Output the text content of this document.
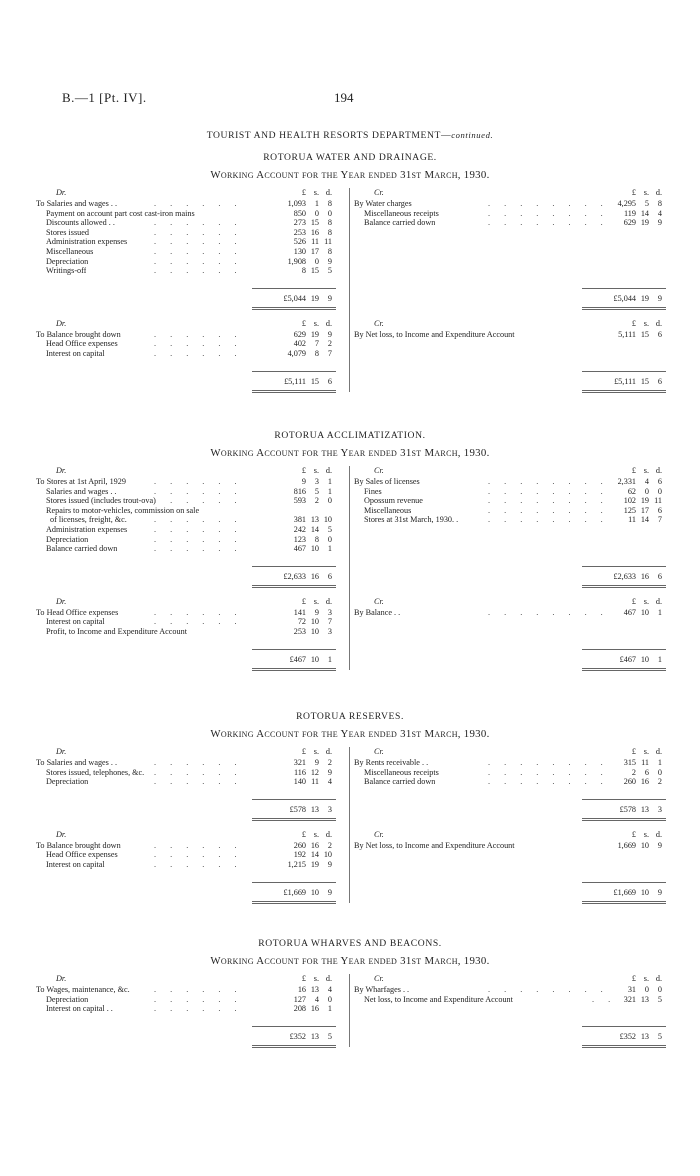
B.—1 [Pt. IV].	194
TOURIST AND HEALTH RESORTS DEPARTMENT—continued.
ROTORUA WATER AND DRAINAGE.
Working Account for the Year ended 31st March, 1930.
Dr.	£ s. d.
To Salaries and wages . .	. . . . . .	1,093	1	8
Payment on account part cost cast-iron mains	850	0	0
Discounts allowed . .	. . . . . .	273 15	8
Stores issued	. . . . . .	253 16	8
Administration expenses	. . . . . .	526 11 11
Miscellaneous	. . . . . .	130 17	8
Depreciation	. . . . . .	1,908	0	9
Writings-off	. . . . . .	8 15	5
£5,044 19	9
Dr.	£ s. d.
To Balance brought down	. . . . . .	629 19	9
Head Office expenses	. . . . . .	402	7	2
Interest on capital	. . . . . .	4,079	8	7
£5,111 15	6
Cr.	£ s. d.
By Water charges	. . . . . . . .	4,295	5	8
Miscellaneous receipts	. . . . . . . .	119 14	4
Balance carried down	. . . . . . . .	629 19	9
£5,044 19	9
Cr.	£ s. d.
By Net loss, to Income and Expenditure Account	5,111 15	6
£5,111 15	6
ROTORUA ACCLIMATIZATION.
Working Account for the Year ended 31st March, 1930.
Dr.	£ s. d.
To Stores at 1st April, 1929	. . . . . .	9	3	1
Salaries and wages . .	. . . . . .	816	5	1
Stores issued (includes trout-ova)
. . . . . .	593	2	0
Repairs to motor-vehicles, commission on sale
of licenses, freight, &c.	. . . . . .	381 13 10
Administration expenses	. . . . . .	242 14	5
Depreciation	. . . . . .	123	8	0
Balance carried down	. . . . . .	467 10	1
£2,633 16	6
Dr.	£ s. d.
To Head Office expenses	. . . . . .	141	9	3
Interest on capital	. . . . . .	72 10	7
Profit, to Income and Expenditure Account	253 10	3
£467 10	1
Cr.	£ s. d.
By Sales of licenses	. . . . . . . .	2,331	4	6
Fines	. . . . . . . .	62	0	0
Opossum revenue	. . . . . . . .	102 19 11
Miscellaneous	. . . . . . . .	125 17	6
Stores at 31st March, 1930. .	. . . . . . . .	11 14	7
£2,633 16	6
Cr.	£ s. d.
By Balance . .	. . . . . . . .	467 10	1
£467 10	1
ROTORUA RESERVES.
Working Account for the Year ended 31st March, 1930.
Dr.	£ s. d.
To Salaries and wages . .	. . . . . .	321	9	2
Stores issued, telephones, &c. . . . . . .	116 12	9
Depreciation	. . . . . .	140 11	4
£578 13	3
Dr.	£ s. d.
To Balance brought down	. . . . . .	260 16	2
Head Office expenses	. . . . . .	192 14 10
Interest on capital	. . . . . .	1,215 19	9
£1,669 10	9
Cr.	£ s. d.
By Rents receivable . .	. . . . . . . .	315 11	1
Miscellaneous receipts	. . . . . . . .	2	6	0
Balance carried down	. . . . . . . .	260 16	2
£578 13	3
Cr.	£ s. d.
By Net loss, to Income and Expenditure Account	1,669 10	9
£1,669 10	9
ROTORUA WHARVES AND BEACONS.
Working Account for the Year ended 31st March, 1930.
Dr.	£ s. d.
To Wages, maintenance, &c.	. . . . . .	16 13	4
Depreciation	. . . . . .	127	4	0
Interest on capital . .	. . . . . .	208 16	1
£352 13	5
Cr.	£ s. d.
By Wharfages . .	. . . . . . . .	31	0	0
Net loss, to Income and Expenditure Account	. . 321 13	5
£352 13	5
